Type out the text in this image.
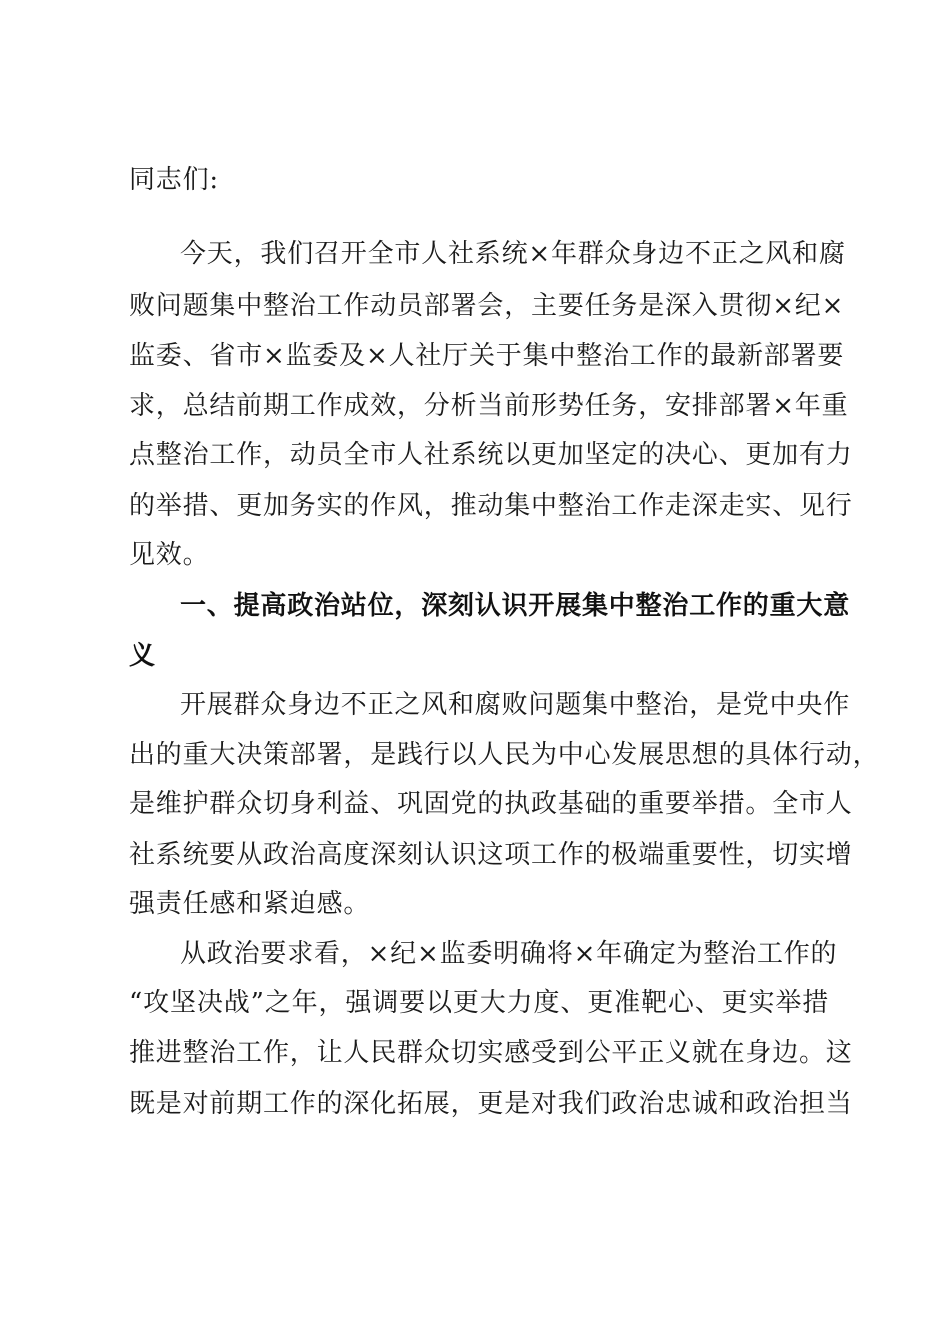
同志们:
今天，我们召开全市人社系统×年群众身边不正之风和腐
败问题集中整治工作动员部署会，主要任务是深入贯彻×纪×
监委、省市×监委及×人社厅关于集中整治工作的最新部署要
求，总结前期工作成效，分析当前形势任务，安排部署×年重
点整治工作，动员全市人社系统以更加坚定的决心、更加有力
的举措、更加务实的作风，推动集中整治工作走深走实、见行
见效。
一、提高政治站位，深刻认识开展集中整治工作的重大意
义
开展群众身边不正之风和腐败问题集中整治，是党中央作
出的重大决策部署，是践行以人民为中心发展思想的具体行动，
是维护群众切身利益、巩固党的执政基础的重要举措。全市人
社系统要从政治高度深刻认识这项工作的极端重要性，切实增
强责任感和紧迫感。
从政治要求看，×纪×监委明确将×年确定为整治工作的
“攻坚决战”之年，强调要以更大力度、更准靶心、更实举措
推进整治工作，让人民群众切实感受到公平正义就在身边。这
既是对前期工作的深化拓展，更是对我们政治忠诚和政治担当
